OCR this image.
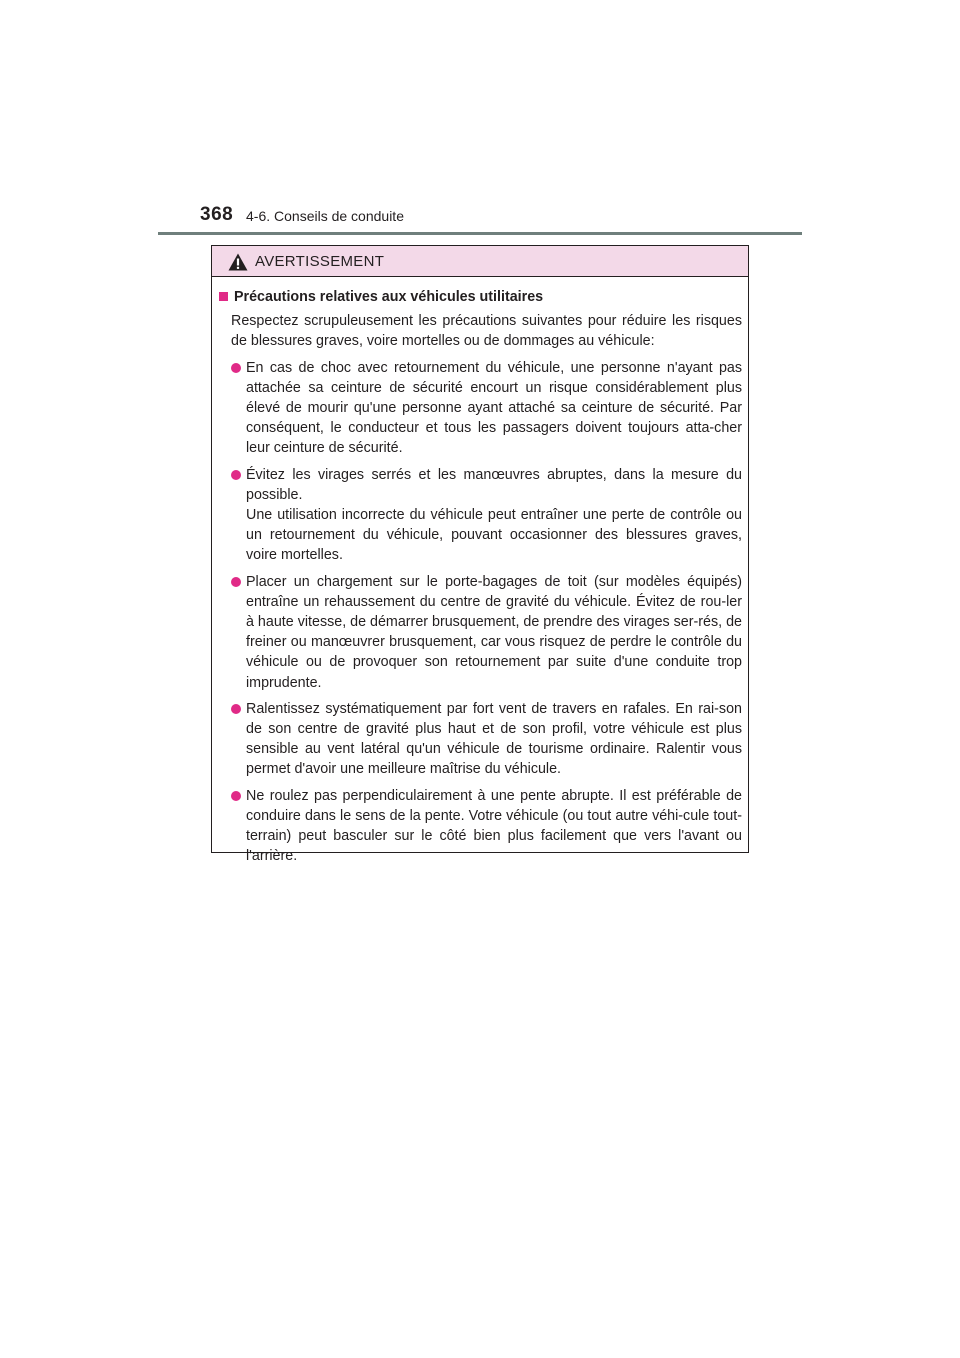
368 4-6. Conseils de conduite
AVERTISSEMENT
Précautions relatives aux véhicules utilitaires
Respectez scrupuleusement les précautions suivantes pour réduire les risques de blessures graves, voire mortelles ou de dommages au véhicule:

En cas de choc avec retournement du véhicule, une personne n'ayant pas attachée sa ceinture de sécurité encourt un risque considérablement plus élevé de mourir qu'une personne ayant attaché sa ceinture de sécurité. Par conséquent, le conducteur et tous les passagers doivent toujours atta-cher leur ceinture de sécurité.

Évitez les virages serrés et les manœuvres abruptes, dans la mesure du possible.

Une utilisation incorrecte du véhicule peut entraîner une perte de contrôle ou un retournement du véhicule, pouvant occasionner des blessures graves, voire mortelles.

Placer un chargement sur le porte-bagages de toit (sur modèles équipés) entraîne un rehaussement du centre de gravité du véhicule. Évitez de rou-ler à haute vitesse, de démarrer brusquement, de prendre des virages ser-rés, de freiner ou manœuvrer brusquement, car vous risquez de perdre le contrôle du véhicule ou de provoquer son retournement par suite d'une conduite trop imprudente.

Ralentissez systématiquement par fort vent de travers en rafales. En rai-son de son centre de gravité plus haut et de son profil, votre véhicule est plus sensible au vent latéral qu'un véhicule de tourisme ordinaire. Ralentir vous permet d'avoir une meilleure maîtrise du véhicule.

Ne roulez pas perpendiculairement à une pente abrupte. Il est préférable de conduire dans le sens de la pente. Votre véhicule (ou tout autre véhi-cule tout-terrain) peut basculer sur le côté bien plus facilement que vers l'avant ou l'arrière.
